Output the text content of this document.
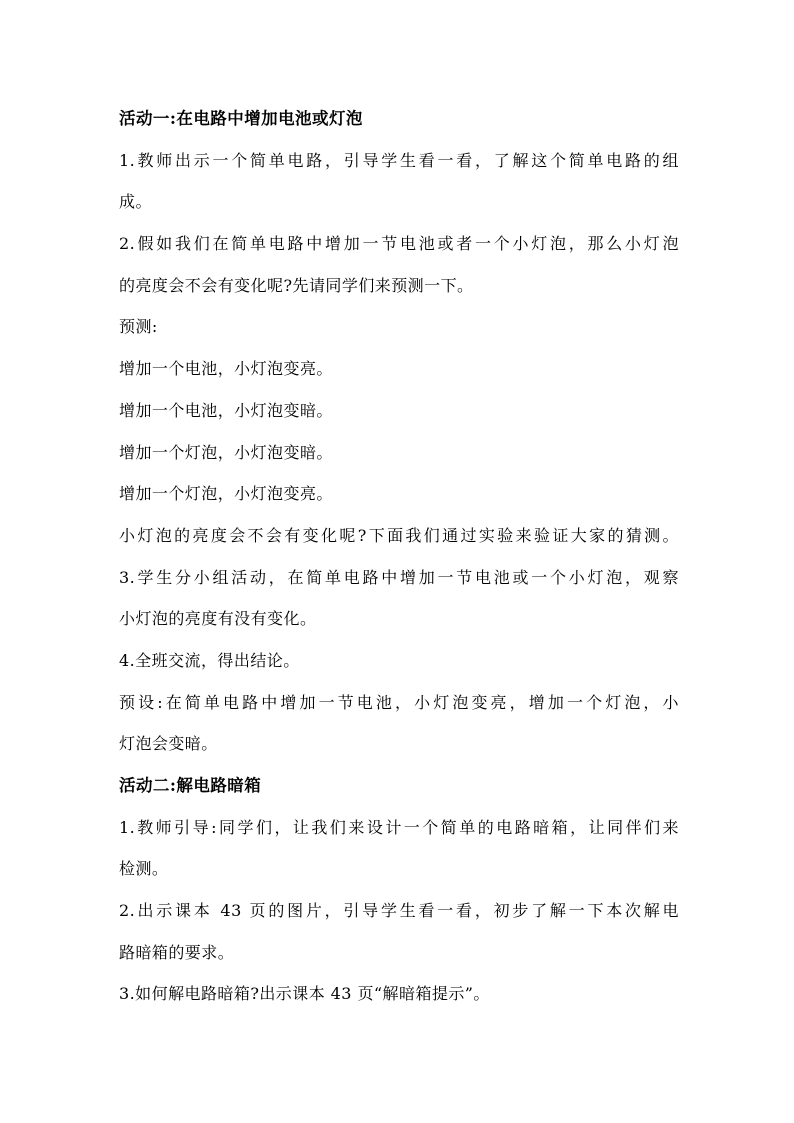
活动一:在电路中增加电池或灯泡
1.教师出示一个简单电路，引导学生看一看，了解这个简单电路的组
成。
2.假如我们在简单电路中增加一节电池或者一个小灯泡，那么小灯泡
的亮度会不会有变化呢?先请同学们来预测一下。
预测:
增加一个电池，小灯泡变亮。
增加一个电池，小灯泡变暗。
增加一个灯泡，小灯泡变暗。
增加一个灯泡，小灯泡变亮。
小灯泡的亮度会不会有变化呢?下面我们通过实验来验证大家的猜测。
3.学生分小组活动，在简单电路中增加一节电池或一个小灯泡，观察
小灯泡的亮度有没有变化。
4.全班交流，得出结论。
预设:在简单电路中增加一节电池，小灯泡变亮，增加一个灯泡，小
灯泡会变暗。
活动二:解电路暗箱
1.教师引导:同学们，让我们来设计一个简单的电路暗箱，让同伴们来
检测。
2.出示课本 43 页的图片，引导学生看一看，初步了解一下本次解电
路暗箱的要求。
3.如何解电路暗箱?出示课本 43 页“解暗箱提示”。
